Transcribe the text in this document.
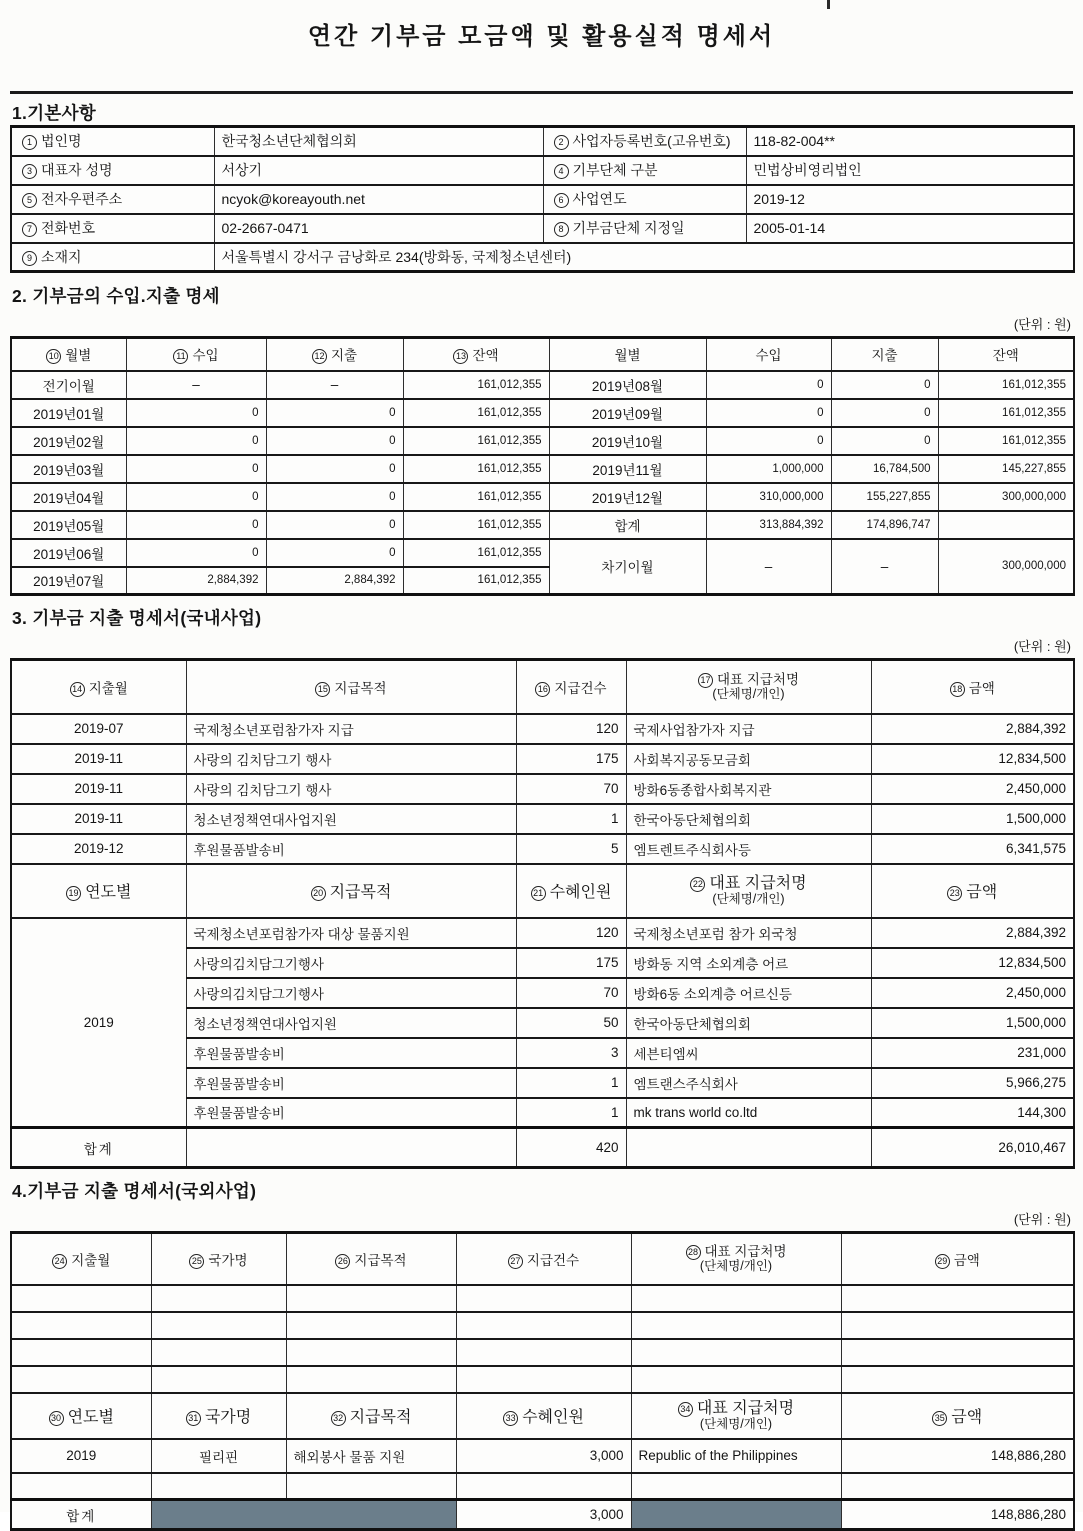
연간 기부금 모금액 및 활용실적 명세서
1.기본사항
1 법인명	한국청소년단체협의회	2 사업자등록번호(고유번호)	118-82-004**
3 대표자 성명	서상기	4 기부단체 구분	민법상비영리법인
5 전자우편주소	ncyok@koreayouth.net	6 사업연도	2019-12
7 전화번호	02-2667-0471	8 기부금단체 지정일	2005-01-14
9 소재지	서울특별시 강서구 금낭화로 234(방화동, 국제청소년센터)		
2. 기부금의 수입.지출 명세
(단위 : 원)
10 월별	11 수입	12 지출	13 잔액	월별	수입	지출	잔액
전기이월	–	–	161,012,355	2019년08월	0	0	161,012,355
2019년01월	0	0	161,012,355	2019년09월	0	0	161,012,355
2019년02월	0	0	161,012,355	2019년10월	0	0	161,012,355
2019년03월	0	0	161,012,355	2019년11월	1,000,000	16,784,500	145,227,855
2019년04월	0	0	161,012,355	2019년12월	310,000,000	155,227,855	300,000,000
2019년05월	0	0	161,012,355	합계	313,884,392	174,896,747	
2019년06월	0	0	161,012,355	차기이월	–	–	300,000,000
2019년07월	2,884,392	2,884,392	161,012,355				
3. 기부금 지출 명세서(국내사업)
(단위 : 원)
14 지출월	15 지급목적	16 지급건수	17 대표 지급처명
(단체명/개인)	18 금액
2019-07	국제청소년포럼참가자 지급	120	국제사업참가자 지급	2,884,392
2019-11	사랑의 김치담그기 행사	175	사회복지공동모금회	12,834,500
2019-11	사랑의 김치담그기 행사	70	방화6동종합사회복지관	2,450,000
2019-11	청소년정책연대사업지원	1	한국아동단체협의회	1,500,000
2019-12	후원물품발송비	5	엠트렌트주식회사등	6,341,575
19 연도별	20 지급목적	21 수혜인원	22 대표 지급처명
(단체명/개인)	23 금액
2019	국제청소년포럼참가자 대상 물품지원	120	국제청소년포럼 참가 외국청	2,884,392
	사랑의김치담그기행사	175	방화동 지역 소외계층 어르	12,834,500
	사랑의김치담그기행사	70	방화6동 소외계층 어르신등	2,450,000
	청소년정책연대사업지원	50	한국아동단체협의회	1,500,000
	후원물품발송비	3	세븐티엠씨	231,000
	후원물품발송비	1	엠트랜스주식회사	5,966,275
	후원물품발송비	1	mk trans world co.ltd	144,300
합계		420		26,010,467
4.기부금 지출 명세서(국외사업)
(단위 : 원)
24 지출월	25 국가명	26 지급목적	27 지급건수	28 대표 지급처명
(단체명/개인)	29 금액

30 연도별	31 국가명	32 지급목적	33 수혜인원	34 대표 지급처명
(단체명/개인)	35 금액
2019	필리핀	해외봉사 물품 지원	3,000	Republic of the Philippines	148,886,280

합계			3,000		148,886,280
